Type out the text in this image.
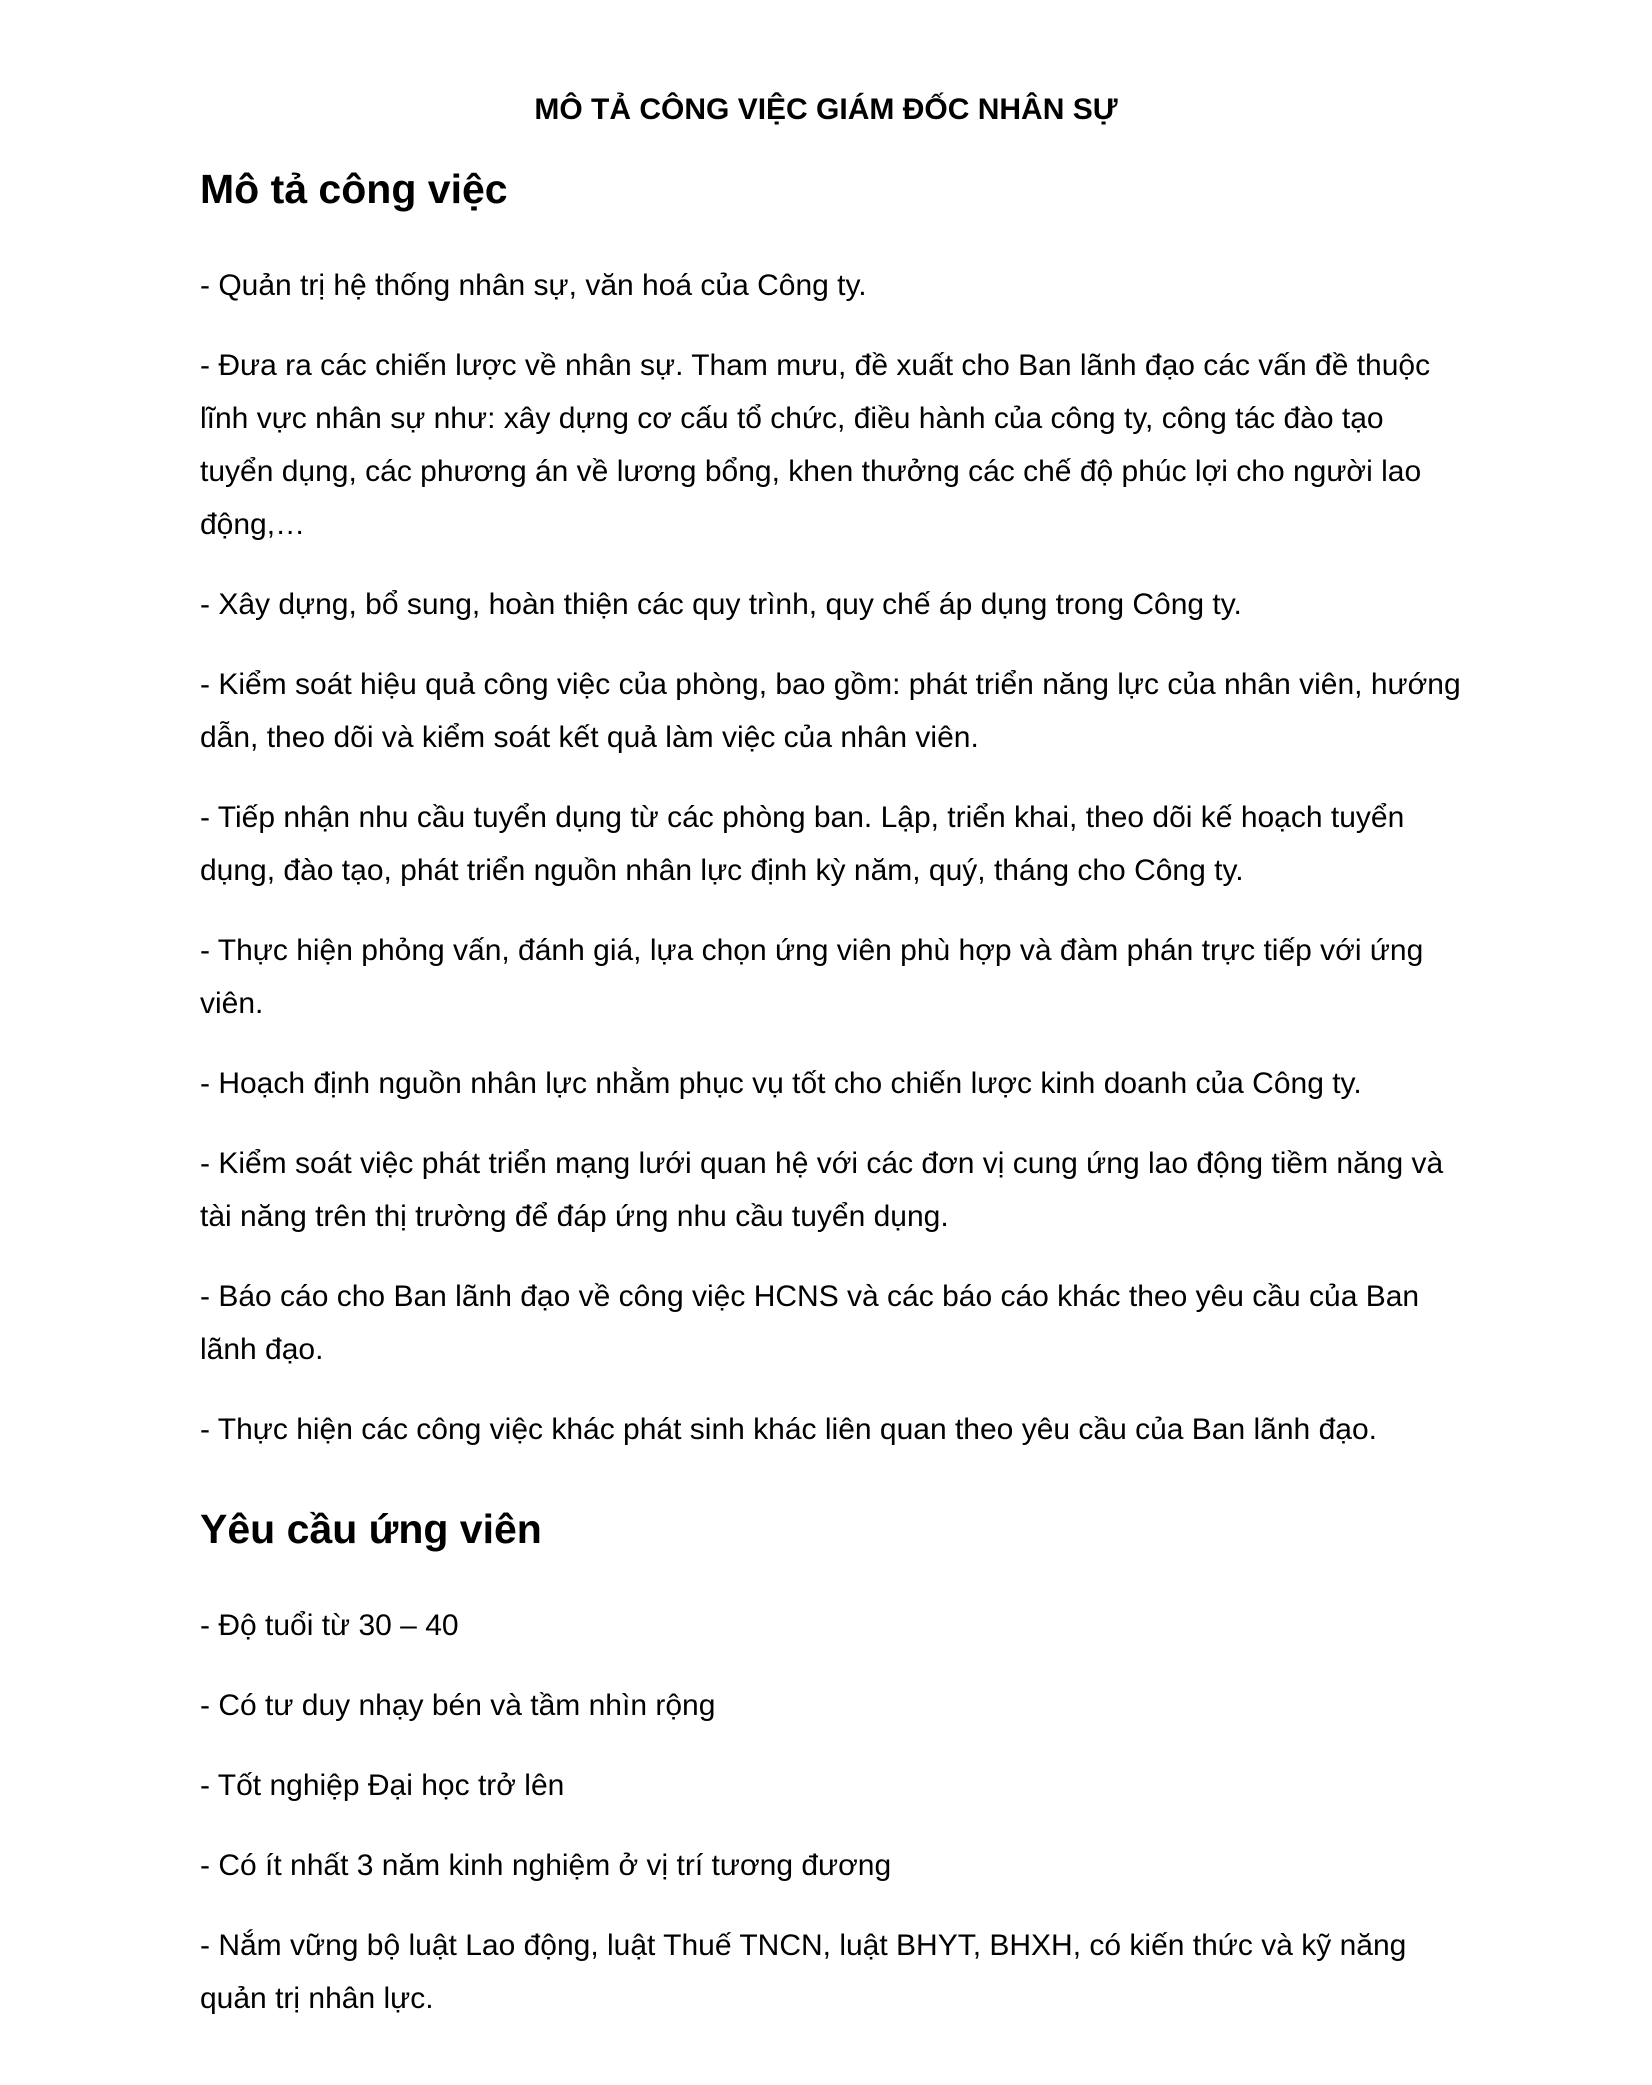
MÔ TẢ CÔNG VIỆC GIÁM ĐỐC NHÂN SỰ
Mô tả công việc

- Quản trị hệ thống nhân sự, văn hoá của Công ty.

- Đưa ra các chiến lược về nhân sự. Tham mưu, đề xuất cho Ban lãnh đạo các vấn đề thuộc lĩnh vực nhân sự như: xây dựng cơ cấu tổ chức, điều hành của công ty, công tác đào tạo tuyển dụng, các phương án về lương bổng, khen thưởng các chế độ phúc lợi cho người lao động,…

- Xây dựng, bổ sung, hoàn thiện các quy trình, quy chế áp dụng trong Công ty.

- Kiểm soát hiệu quả công việc của phòng, bao gồm: phát triển năng lực của nhân viên, hướng dẫn, theo dõi và kiểm soát kết quả làm việc của nhân viên.

- Tiếp nhận nhu cầu tuyển dụng từ các phòng ban. Lập, triển khai, theo dõi kế hoạch tuyển dụng, đào tạo, phát triển nguồn nhân lực định kỳ năm, quý, tháng cho Công ty.

- Thực hiện phỏng vấn, đánh giá, lựa chọn ứng viên phù hợp và đàm phán trực tiếp với ứng viên.

- Hoạch định nguồn nhân lực nhằm phục vụ tốt cho chiến lược kinh doanh của Công ty.

- Kiểm soát việc phát triển mạng lưới quan hệ với các đơn vị cung ứng lao động tiềm năng và tài năng trên thị trường để đáp ứng nhu cầu tuyển dụng.

- Báo cáo cho Ban lãnh đạo về công việc HCNS và các báo cáo khác theo yêu cầu của Ban lãnh đạo.

- Thực hiện các công việc khác phát sinh khác liên quan theo yêu cầu của Ban lãnh đạo.

Yêu cầu ứng viên

- Độ tuổi từ 30 – 40

- Có tư duy nhạy bén và tầm nhìn rộng

- Tốt nghiệp Đại học trở lên

- Có ít nhất 3 năm kinh nghiệm ở vị trí tương đương

- Nắm vững bộ luật Lao động, luật Thuế TNCN, luật BHYT, BHXH, có kiến thức và kỹ năng quản trị nhân lực.
